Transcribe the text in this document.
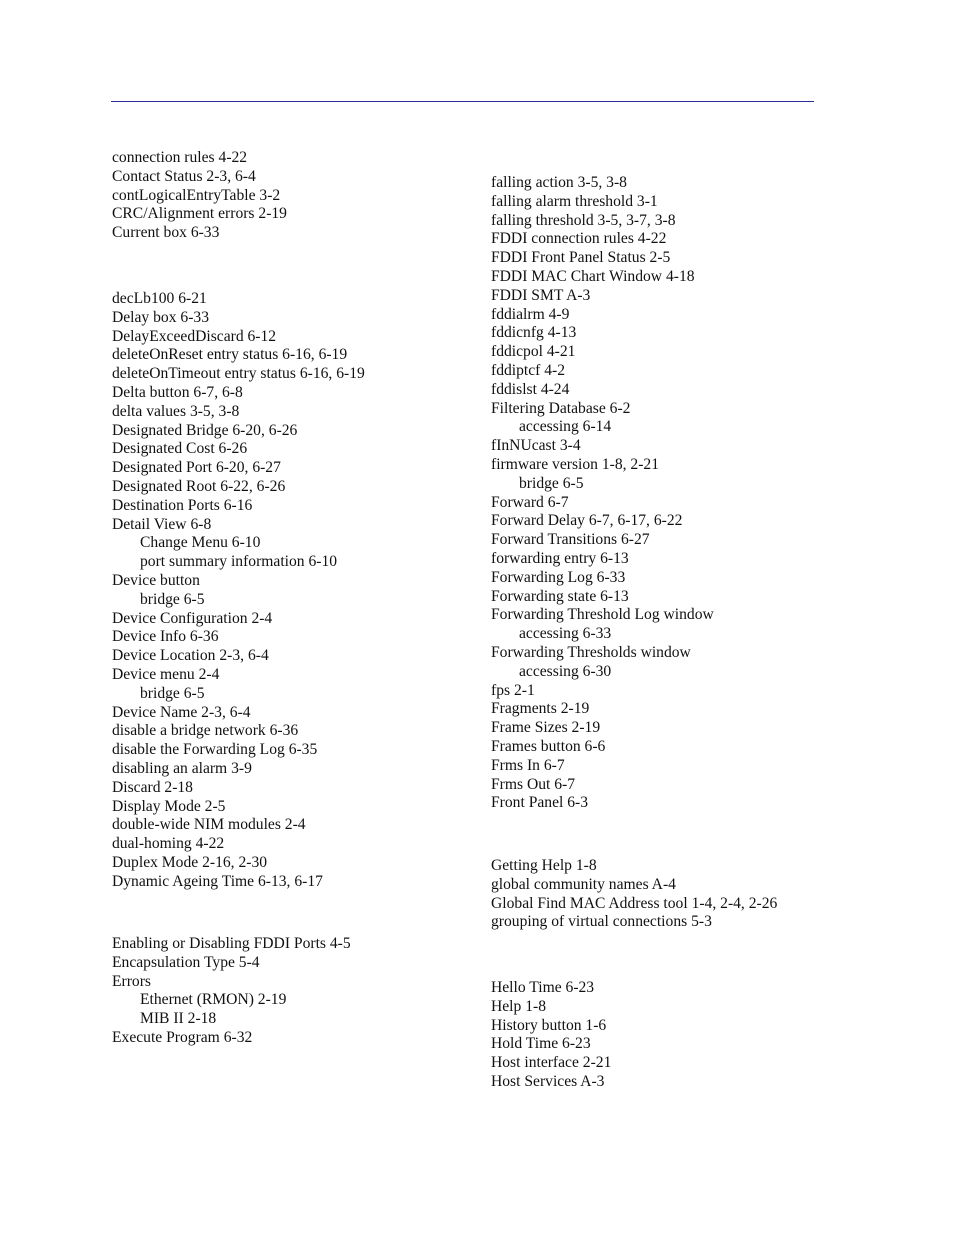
connection rules 4-22
Contact Status 2-3, 6-4
contLogicalEntryTable 3-2
CRC/Alignment errors 2-19
Current box 6-33
decLb100 6-21
Delay box 6-33
DelayExceedDiscard 6-12
deleteOnReset entry status 6-16, 6-19
deleteOnTimeout entry status 6-16, 6-19
Delta button 6-7, 6-8
delta values 3-5, 3-8
Designated Bridge 6-20, 6-26
Designated Cost 6-26
Designated Port 6-20, 6-27
Designated Root 6-22, 6-26
Destination Ports 6-16
Detail View 6-8
Change Menu 6-10
port summary information 6-10
Device button
bridge 6-5
Device Configuration 2-4
Device Info 6-36
Device Location 2-3, 6-4
Device menu 2-4
bridge 6-5
Device Name 2-3, 6-4
disable a bridge network 6-36
disable the Forwarding Log 6-35
disabling an alarm 3-9
Discard 2-18
Display Mode 2-5
double-wide NIM modules 2-4
dual-homing 4-22
Duplex Mode 2-16, 2-30
Dynamic Ageing Time 6-13, 6-17
Enabling or Disabling FDDI Ports 4-5
Encapsulation Type 5-4
Errors
Ethernet (RMON) 2-19
MIB II 2-18
Execute Program 6-32
falling action 3-5, 3-8
falling alarm threshold 3-1
falling threshold 3-5, 3-7, 3-8
FDDI connection rules 4-22
FDDI Front Panel Status 2-5
FDDI MAC Chart Window 4-18
FDDI SMT A-3
fddialrm 4-9
fddicnfg 4-13
fddicpol 4-21
fddiptcf 4-2
fddislst 4-24
Filtering Database 6-2
accessing 6-14
fInNUcast 3-4
firmware version 1-8, 2-21
bridge 6-5
Forward 6-7
Forward Delay 6-7, 6-17, 6-22
Forward Transitions 6-27
forwarding entry 6-13
Forwarding Log 6-33
Forwarding state 6-13
Forwarding Threshold Log window
accessing 6-33
Forwarding Thresholds window
accessing 6-30
fps 2-1
Fragments 2-19
Frame Sizes 2-19
Frames button 6-6
Frms In 6-7
Frms Out 6-7
Front Panel 6-3
Getting Help 1-8
global community names A-4
Global Find MAC Address tool 1-4, 2-4, 2-26
grouping of virtual connections 5-3
Hello Time 6-23
Help 1-8
History button 1-6
Hold Time 6-23
Host interface 2-21
Host Services A-3
